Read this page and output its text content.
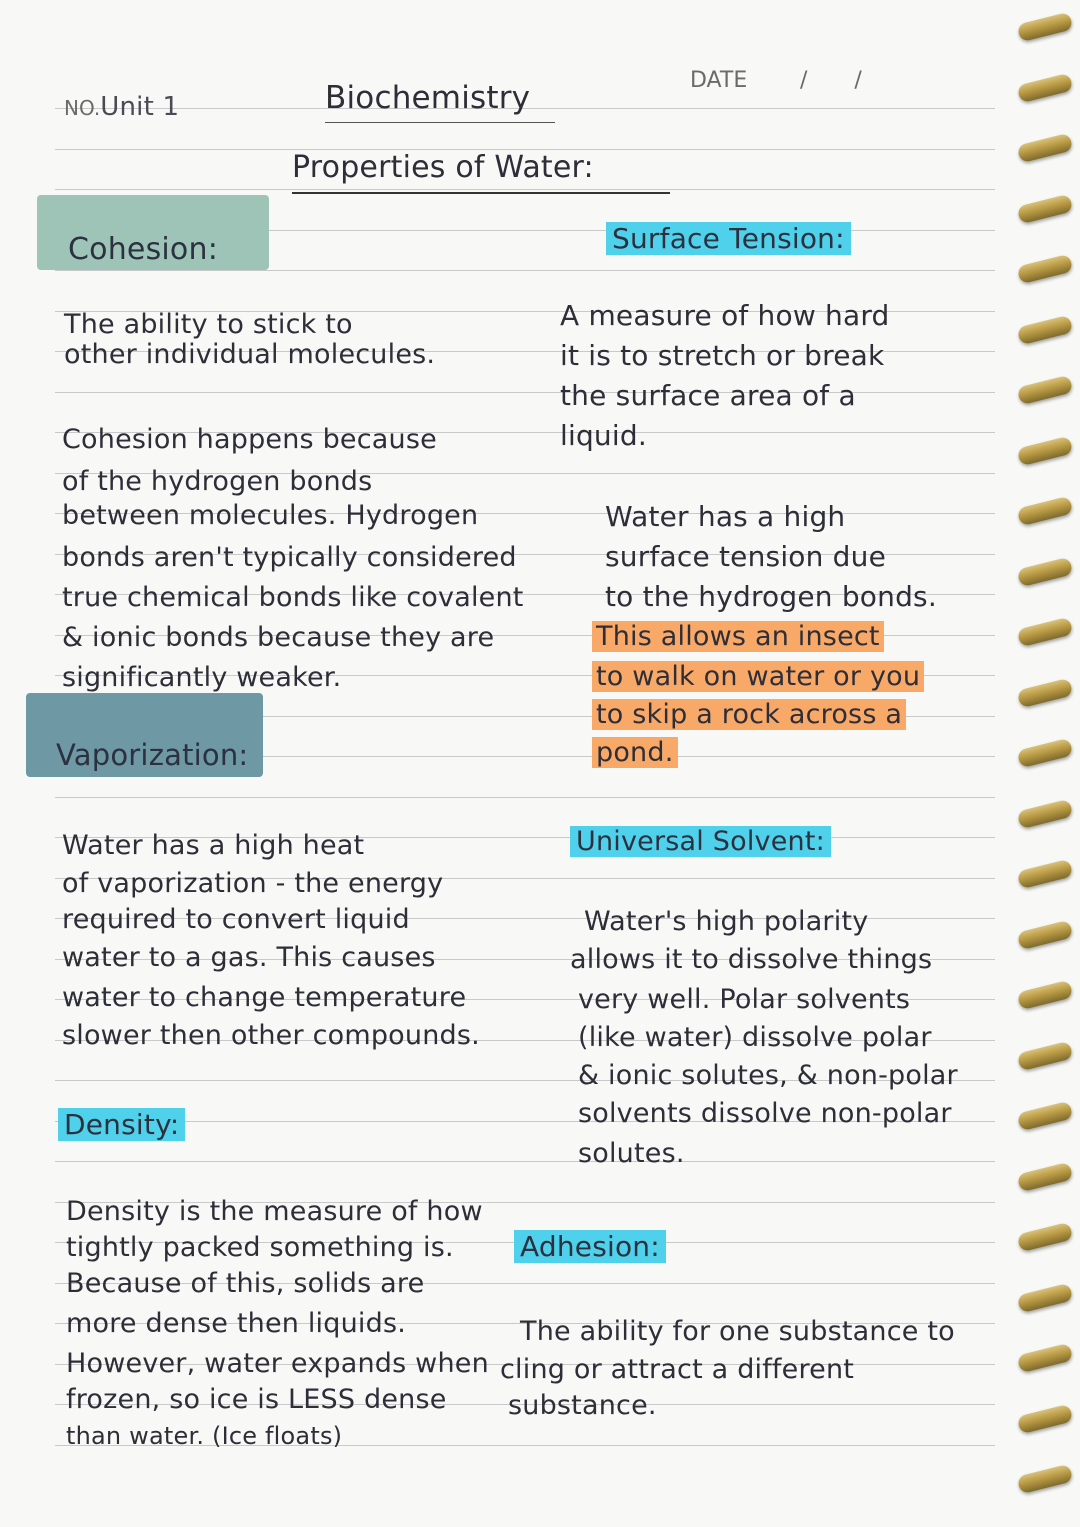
NO.Unit 1	Biochemistry	DATE / /
Properties of Water:
Cohesion:
The ability to stick to
other individual molecules.
Cohesion happens because
of the hydrogen bonds
between molecules. Hydrogen
bonds aren't typically considered
true chemical bonds like covalent
& ionic bonds because they are
significantly weaker.
Surface Tension:
A measure of how hard
it is to stretch or break
the surface area of a
liquid.
Water has a high
surface tension due
to the hydrogen bonds.
This allows an insect
to walk on water or you
to skip a rock across a
pond.
Vaporization:
Water has a high heat
of vaporization - the energy
required to convert liquid
water to a gas. This causes
water to change temperature
slower then other compounds.
Universal Solvent:
Water's high polarity
allows it to dissolve things
very well. Polar solvents
(like water) dissolve polar
& ionic solutes, & non-polar
solvents dissolve non-polar
solutes.
Density:
Density is the measure of how
tightly packed something is.
Because of this, solids are
more dense then liquids.
However, water expands when
frozen, so ice is LESS dense
than water. (Ice floats)
Adhesion:
The ability for one substance to
cling or attract a different
substance.
